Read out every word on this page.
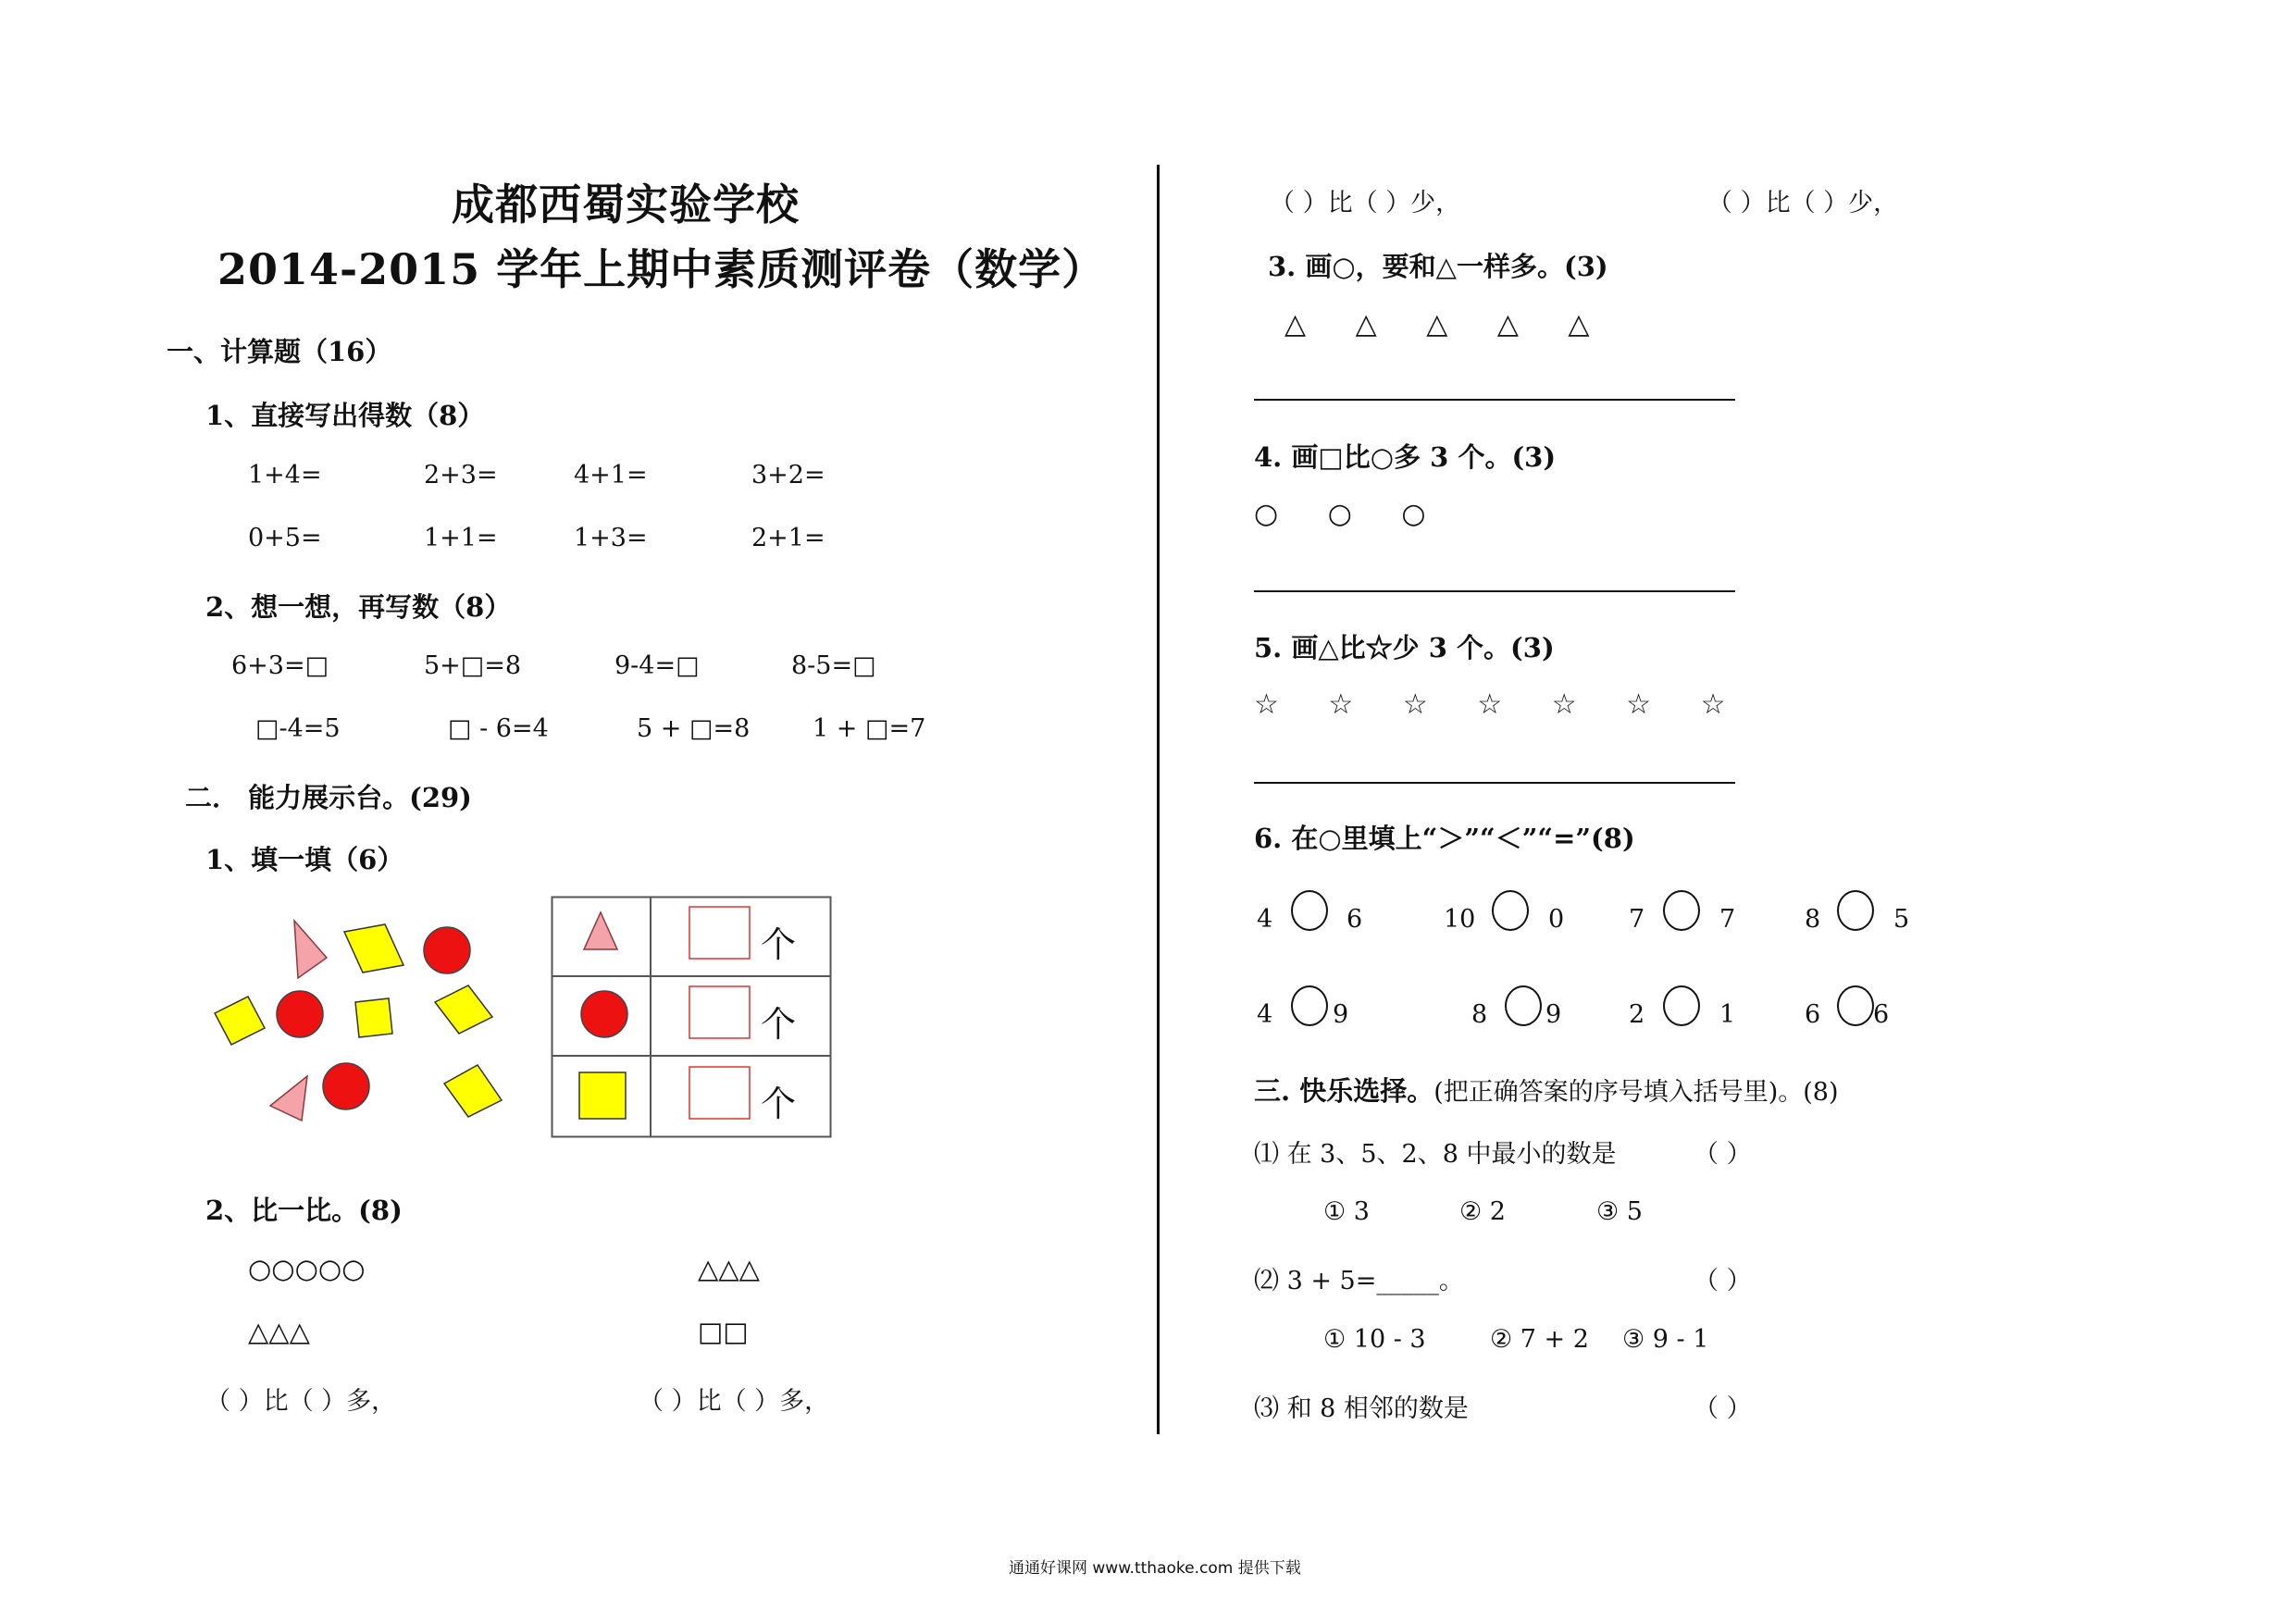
成都西蜀实验学校
2014-2015 学年上期中素质测评卷（数学）
一、计算题（16）
1、直接写出得数（8）
1+4=	2+3=	4+1=	3+2=
0+5=	1+1=	1+3=	2+1=
2、想一想，再写数（8）
6+3=□	5+□=8	9-4=□	8-5=□
□-4=5	□ - 6=4	5 + □=8	1 + □=7
二． 能力展示台。(29)
1、填一填（6）
个
个
个
2、比一比。(8)
○○○○○
△△△
△△△
□□
（ ）比（ ）多，	（ ）比（ ）多，
（ ）比（ ）少，	（ ）比（ ）少，
3. 画○，要和△一样多。(3)
△ △ △ △ △
4. 画□比○多 3 个。(3)
○ ○ ○
5. 画△比☆少 3 个。(3)
☆ ☆ ☆ ☆ ☆ ☆ ☆
6. 在○里填上“＞”“＜”“=”(8)
4	6	10	0	7	7	8	5
4 9	8 9	2	1	6 6
三. 快乐选择。(把正确答案的序号填入括号里)。(8)
⑴ 在 3、5、2、8 中最小的数是	（ ）
① 3	② 2	③ 5
⑵ 3 + 5=_____。	（ ）
① 10 - 3	② 7 + 2 ③ 9 - 1
⑶ 和 8 相邻的数是	（ ）
通通好课网 www.tthaoke.com 提供下载
